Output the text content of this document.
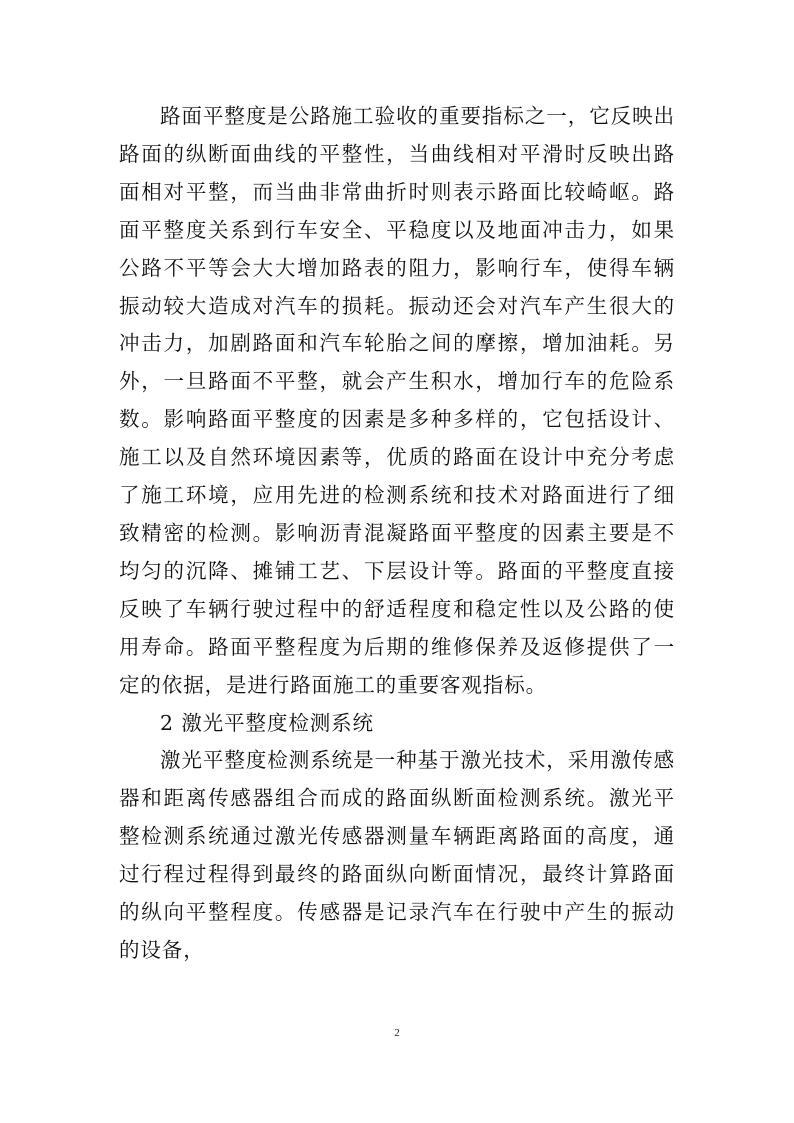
路面平整度是公路施工验收的重要指标之一，它反映出路面的纵断面曲线的平整性，当曲线相对平滑时反映出路面相对平整，而当曲非常曲折时则表示路面比较崎岖。路面平整度关系到行车安全、平稳度以及地面冲击力，如果公路不平等会大大增加路表的阻力，影响行车，使得车辆振动较大造成对汽车的损耗。振动还会对汽车产生很大的冲击力，加剧路面和汽车轮胎之间的摩擦，增加油耗。另外，一旦路面不平整，就会产生积水，增加行车的危险系数。影响路面平整度的因素是多种多样的，它包括设计、施工以及自然环境因素等，优质的路面在设计中充分考虑了施工环境，应用先进的检测系统和技术对路面进行了细致精密的检测。影响沥青混凝路面平整度的因素主要是不均匀的沉降、摊铺工艺、下层设计等。路面的平整度直接反映了车辆行驶过程中的舒适程度和稳定性以及公路的使用寿命。路面平整程度为后期的维修保养及返修提供了一定的依据，是进行路面施工的重要客观指标。

2 激光平整度检测系统

激光平整度检测系统是一种基于激光技术，采用激传感器和距离传感器组合而成的路面纵断面检测系统。激光平整检测系统通过激光传感器测量车辆距离路面的高度，通过行程过程得到最终的路面纵向断面情况，最终计算路面的纵向平整程度。传感器是记录汽车在行驶中产生的振动的设备，

2
